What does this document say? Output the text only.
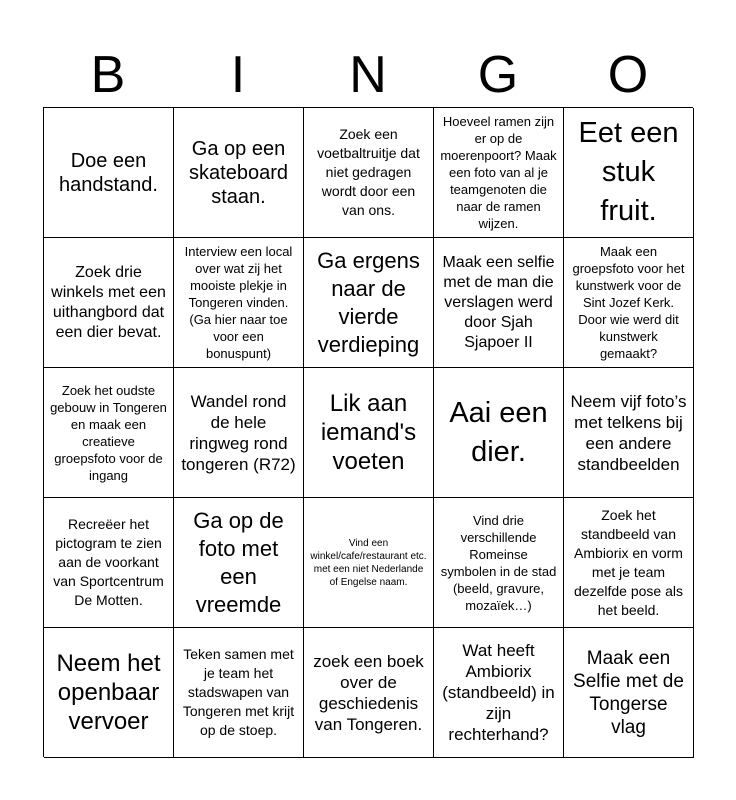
B	I	N	G	O
Doe een handstand.
Ga op een skateboard staan.
Zoek een voetbaltruitje dat niet gedragen wordt door een van ons.
Hoeveel ramen zijn er op de moerenpoort? Maak een foto van al je teamgenoten die naar de ramen wijzen.
Eet een stuk fruit.
Zoek drie winkels met een uithangbord dat een dier bevat.
Interview een local over wat zij het mooiste plekje in Tongeren vinden. (Ga hier naar toe voor een bonuspunt)
Ga ergens naar de vierde verdieping
Maak een selfie met de man die verslagen werd door Sjah Sjapoer II
Maak een groepsfoto voor het kunstwerk voor de Sint Jozef Kerk. Door wie werd dit kunstwerk gemaakt?
Zoek het oudste gebouw in Tongeren en maak een creatieve groepsfoto voor de ingang
Wandel rond de hele ringweg rond tongeren (R72)
Lik aan iemand's voeten
Aai een dier.
Neem vijf foto’s met telkens bij een andere standbeelden
Recreëer het pictogram te zien aan de voorkant van Sportcentrum De Motten.
Ga op de foto met een vreemde
Vind een winkel/cafe/restaurant etc. met een niet Nederlande of Engelse naam.
Vind drie verschillende Romeinse symbolen in de stad (beeld, gravure, mozaïek…)
Zoek het standbeeld van Ambiorix en vorm met je team dezelfde pose als het beeld.
Neem het openbaar vervoer
Teken samen met je team het stadswapen van Tongeren met krijt op de stoep.
zoek een boek over de geschiedenis van Tongeren.
Wat heeft Ambiorix (standbeeld) in zijn rechterhand?
Maak een Selfie met de Tongerse vlag
